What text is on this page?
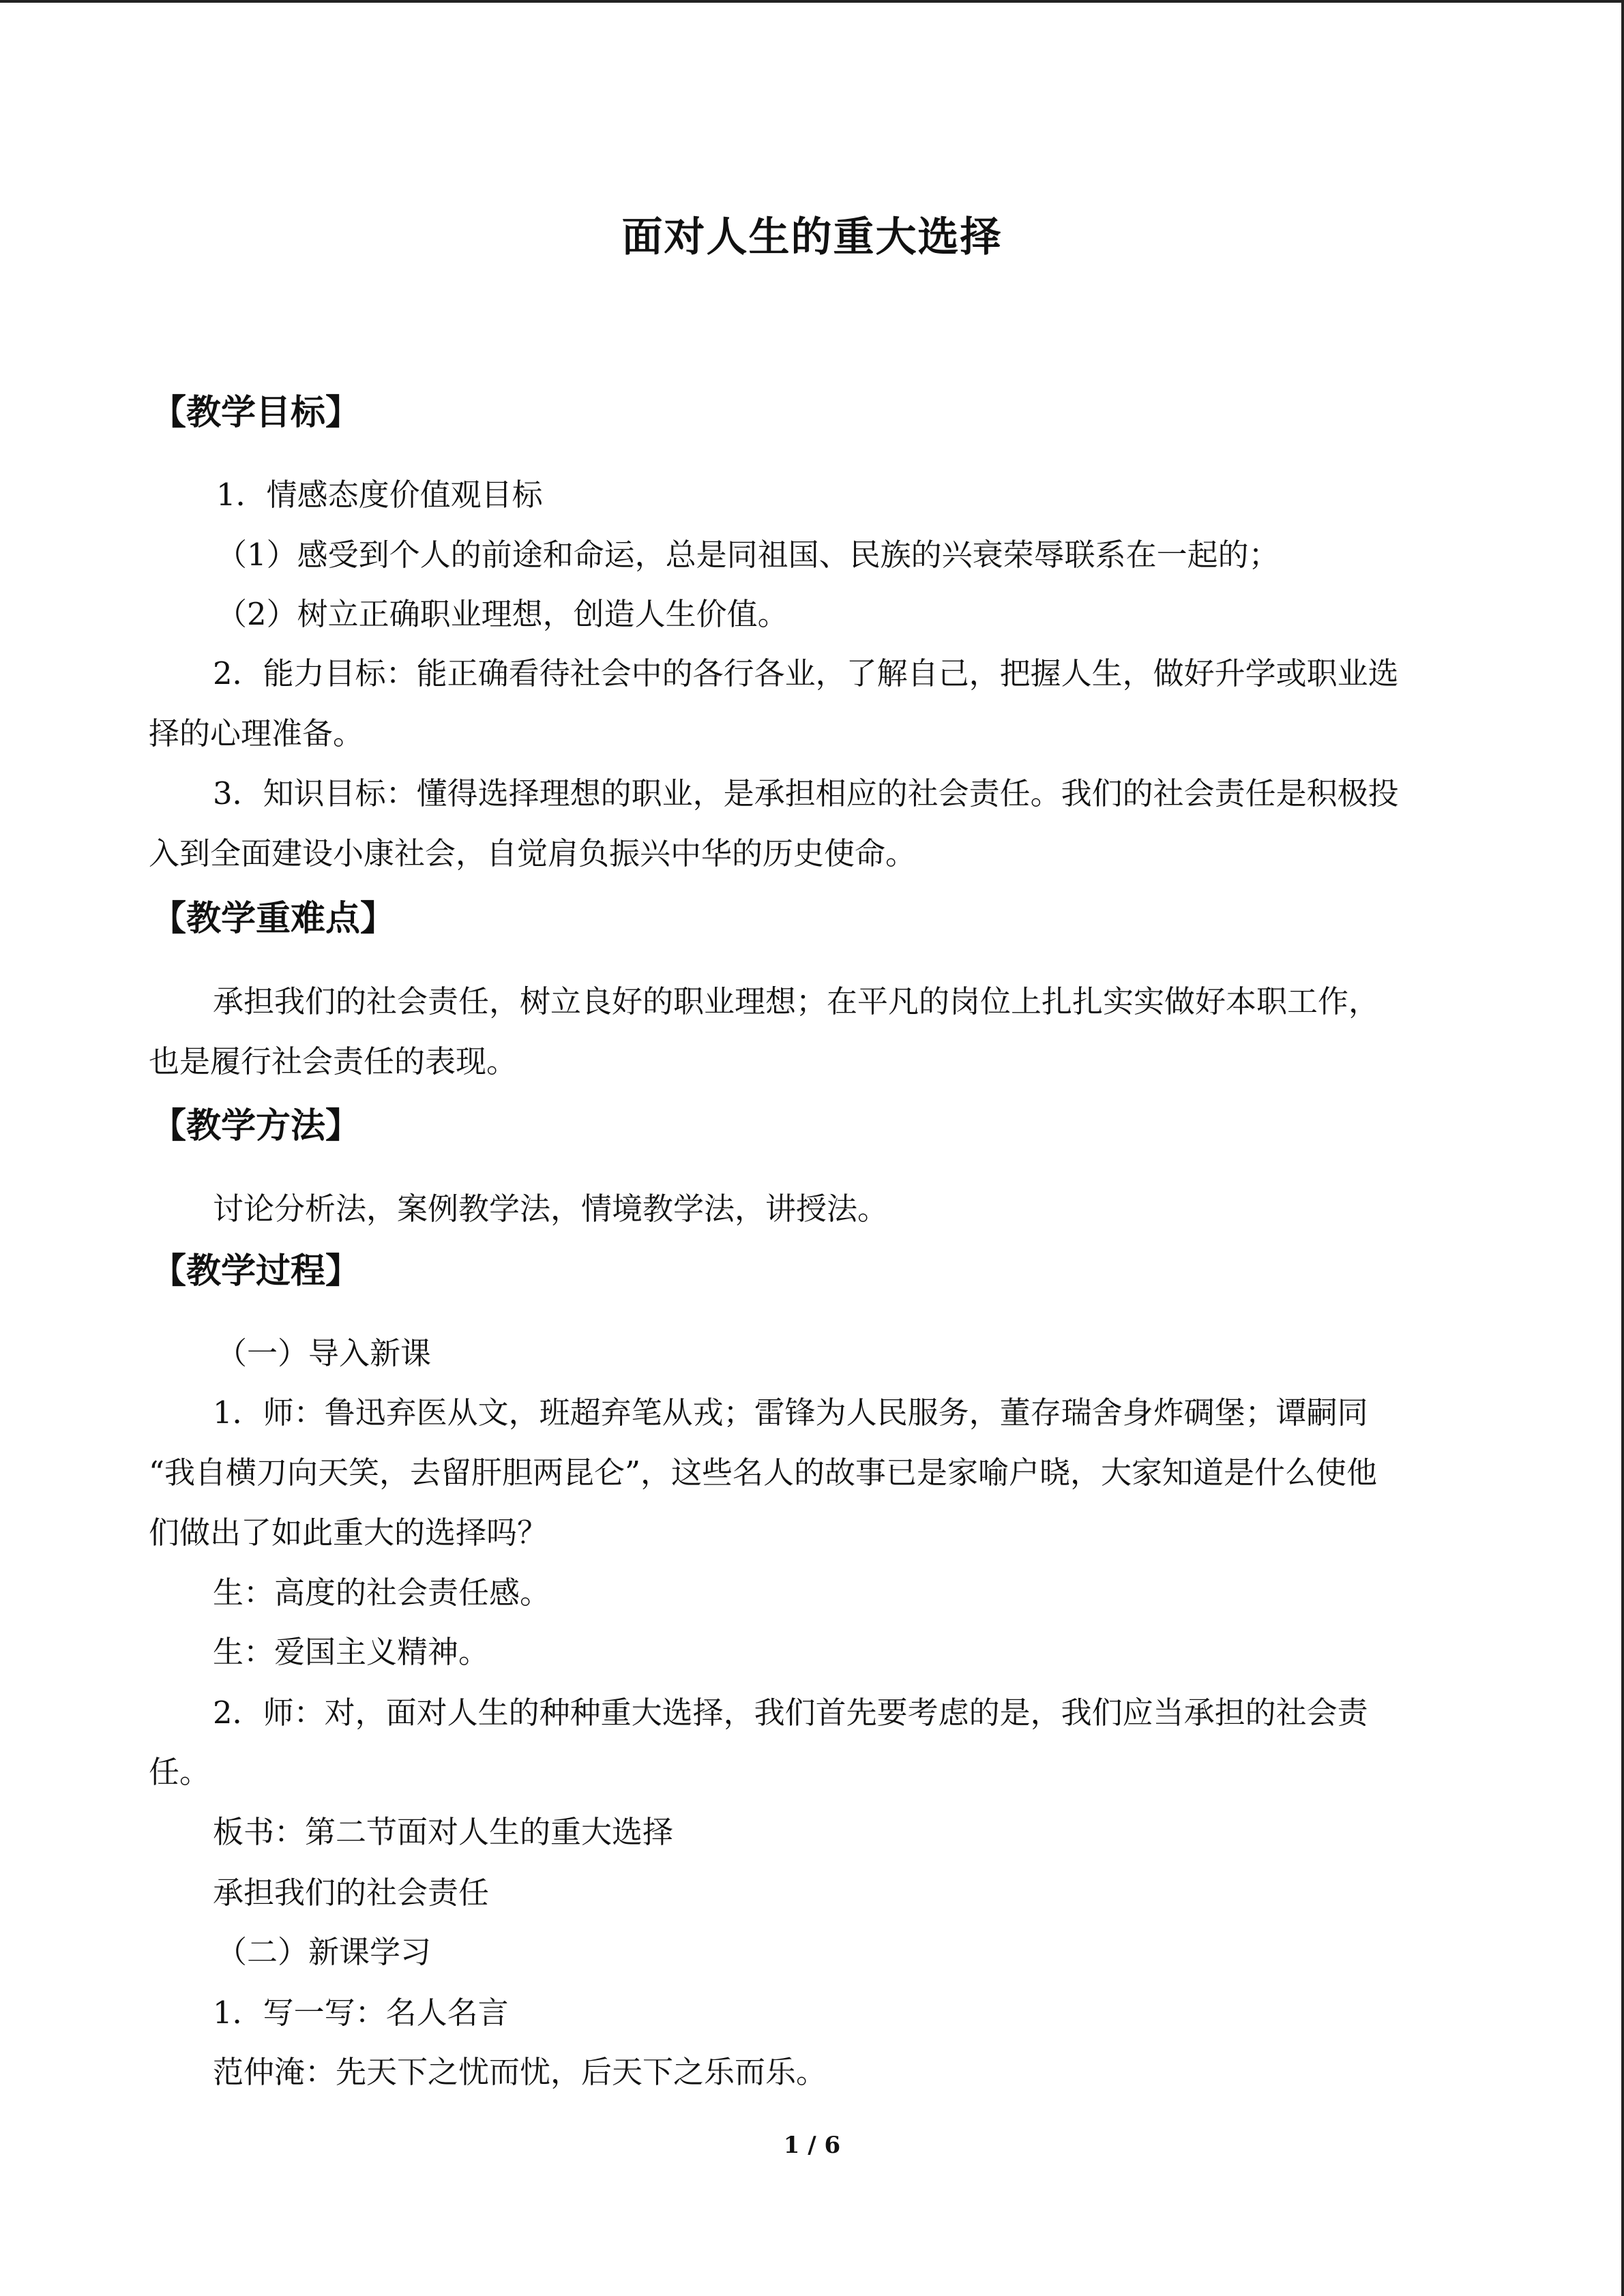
面对人生的重大选择
【教学目标】
1．情感态度价值观目标
（1）感受到个人的前途和命运，总是同祖国、民族的兴衰荣辱联系在一起的；
（2）树立正确职业理想，创造人生价值。
2．能力目标：能正确看待社会中的各行各业，了解自己，把握人生，做好升学或职业选
择的心理准备。
3．知识目标：懂得选择理想的职业，是承担相应的社会责任。我们的社会责任是积极投
入到全面建设小康社会，自觉肩负振兴中华的历史使命。
【教学重难点】
承担我们的社会责任，树立良好的职业理想；在平凡的岗位上扎扎实实做好本职工作，
也是履行社会责任的表现。
【教学方法】
讨论分析法，案例教学法，情境教学法，讲授法。
【教学过程】
（一）导入新课
1．师：鲁迅弃医从文，班超弃笔从戎；雷锋为人民服务，董存瑞舍身炸碉堡；谭嗣同
“我自横刀向天笑，去留肝胆两昆仑”，这些名人的故事已是家喻户晓，大家知道是什么使他
们做出了如此重大的选择吗？
生：高度的社会责任感。
生：爱国主义精神。
2．师：对，面对人生的种种重大选择，我们首先要考虑的是，我们应当承担的社会责
任。
板书：第二节面对人生的重大选择
承担我们的社会责任
（二）新课学习
1．写一写：名人名言
范仲淹：先天下之忧而忧，后天下之乐而乐。
1 / 6
